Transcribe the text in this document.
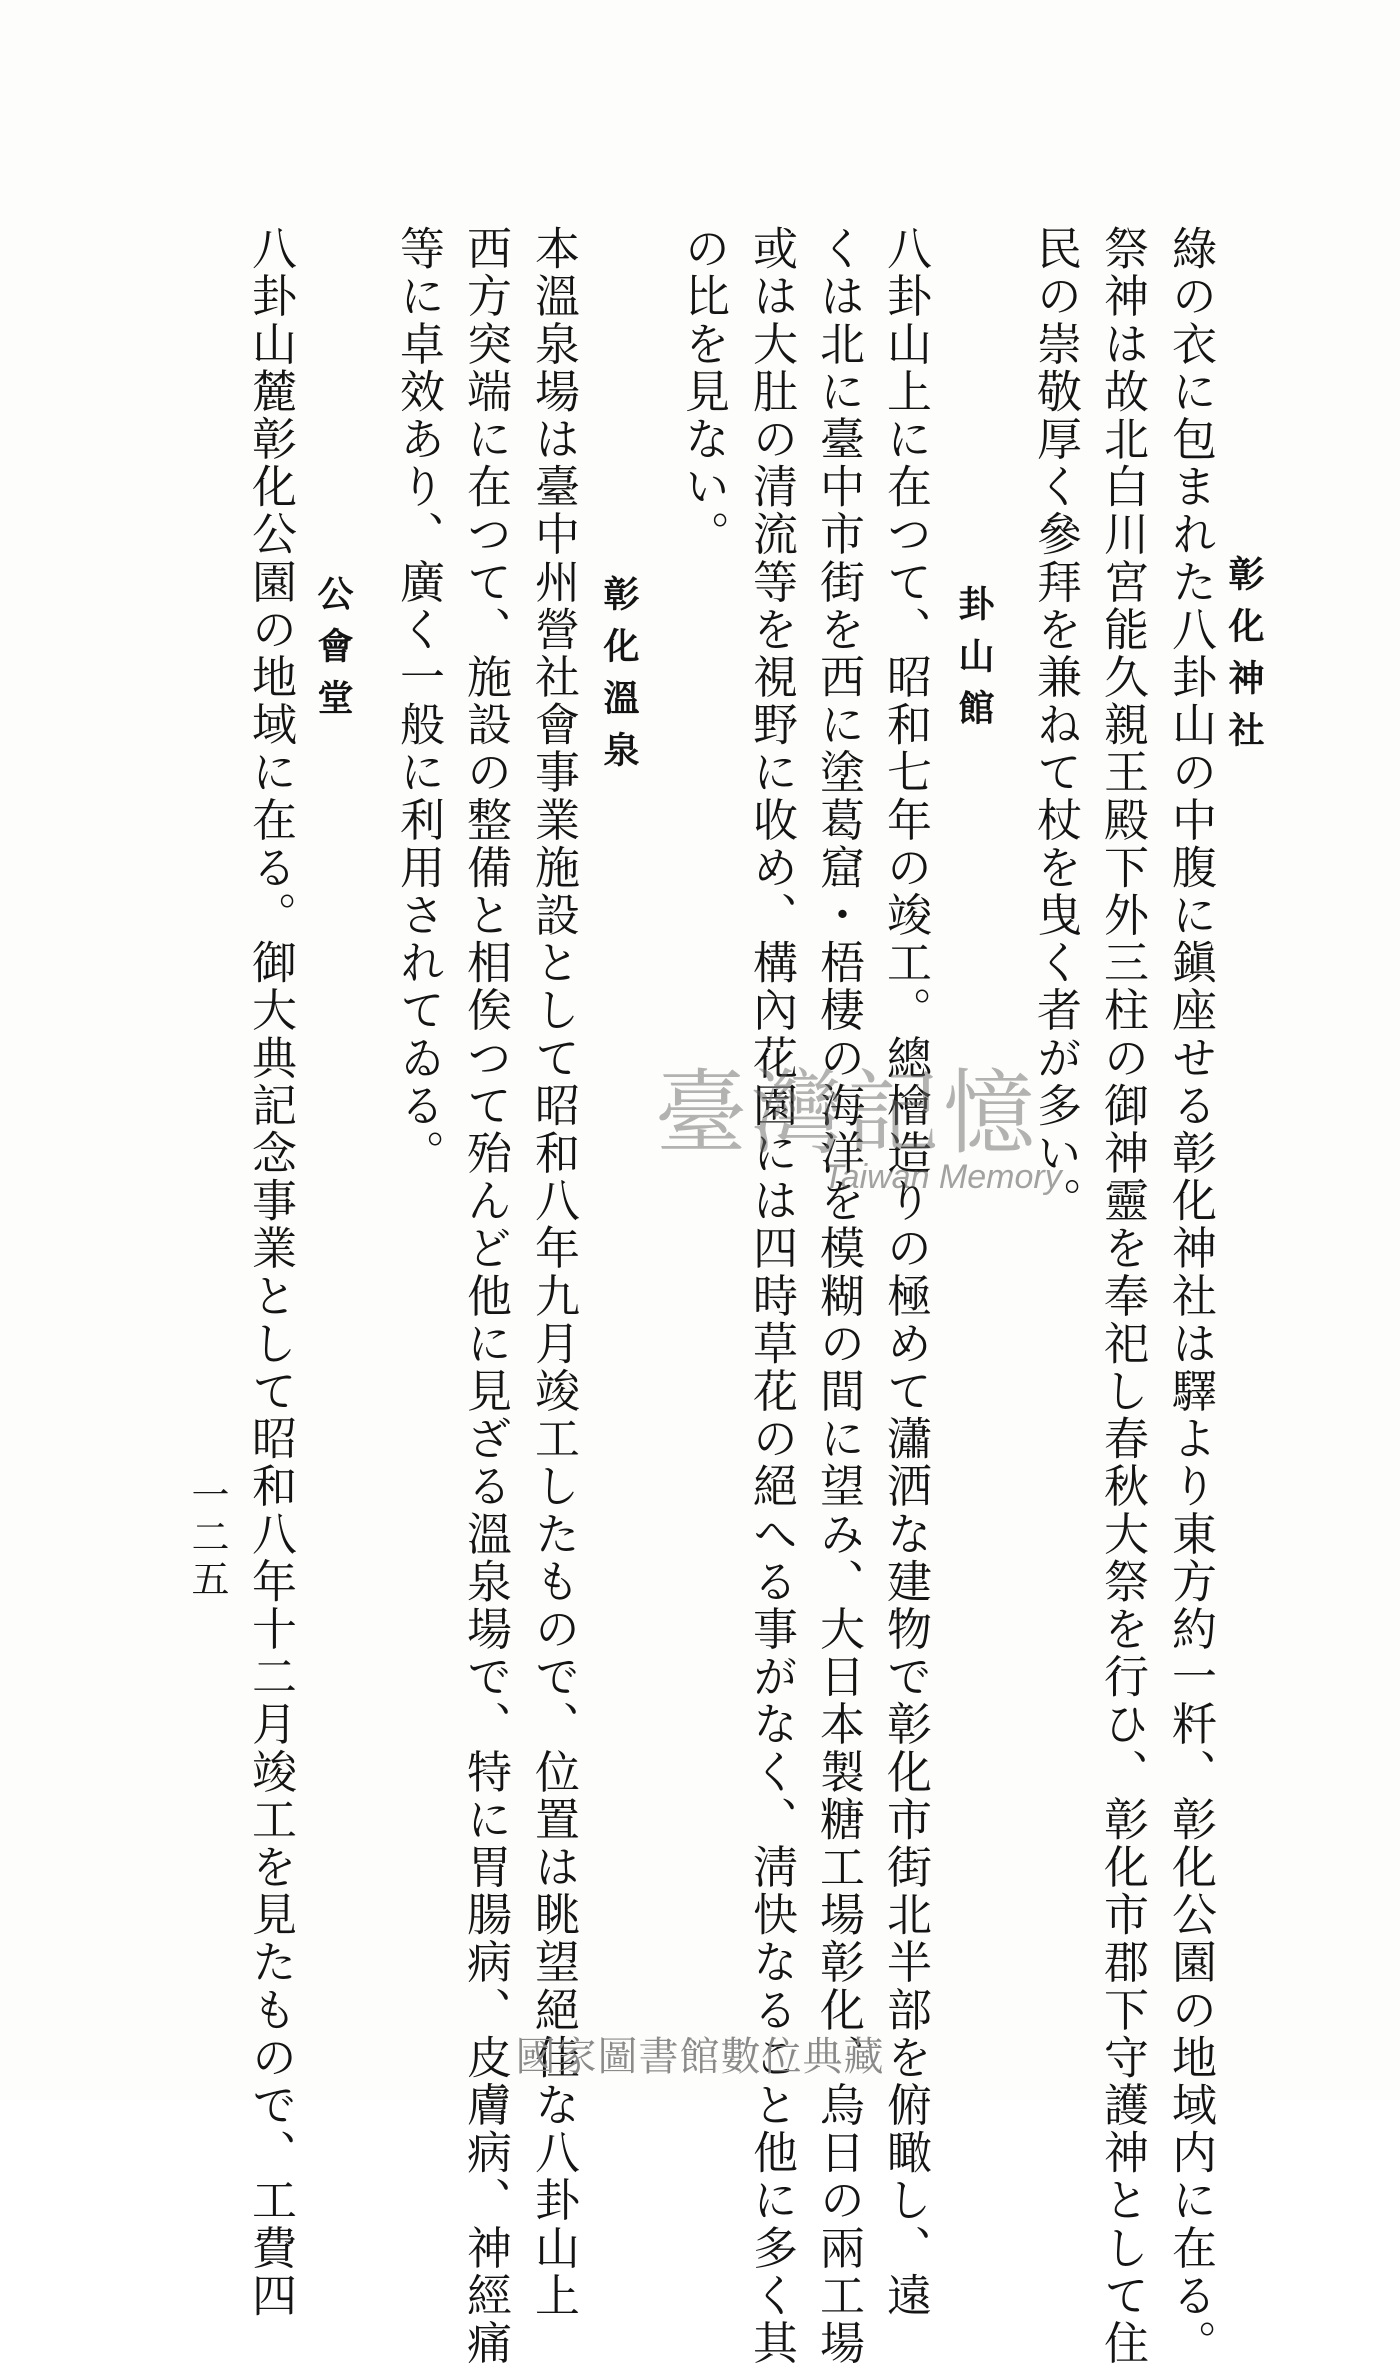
彰化神社
綠の衣に包まれた八卦山の中腹に鎭座せる彰化神社は驛より東方約一粁、彰化公園の地域内に在る。
祭神は故北白川宮能久親王殿下外三柱の御神靈を奉祀し春秋大祭を行ひ、彰化市郡下守護神として住
民の崇敬厚く參拜を兼ねて杖を曳く者が多い。
卦山館
八卦山上に在つて、昭和七年の竣工。總檜造りの極めて瀟洒な建物で彰化市街北半部を俯瞰し、遠
くは北に臺中市街を西に塗葛窟・梧棲の海洋を模糊の間に望み、大日本製糖工場彰化、烏日の兩工場
或は大肚の清流等を視野に收め、構內花園には四時草花の絕へる事がなく、淸快なること他に多く其
の比を見ない。
彰化溫泉
本溫泉場は臺中州營社會事業施設として昭和八年九月竣工したもので、位置は眺望絕佳な八卦山上
西方突端に在つて、施設の整備と相俟つて殆んど他に見ざる溫泉場で、特に胃腸病、皮膚病、神經痛
等に卓效あり、廣く一般に利用されてゐる。
公會堂
八卦山麓彰化公園の地域に在る。御大典記念事業として昭和八年十二月竣工を見たもので、工費四
一二五
臺灣記憶
Taiwan Memory
國家圖書館數位典藏
